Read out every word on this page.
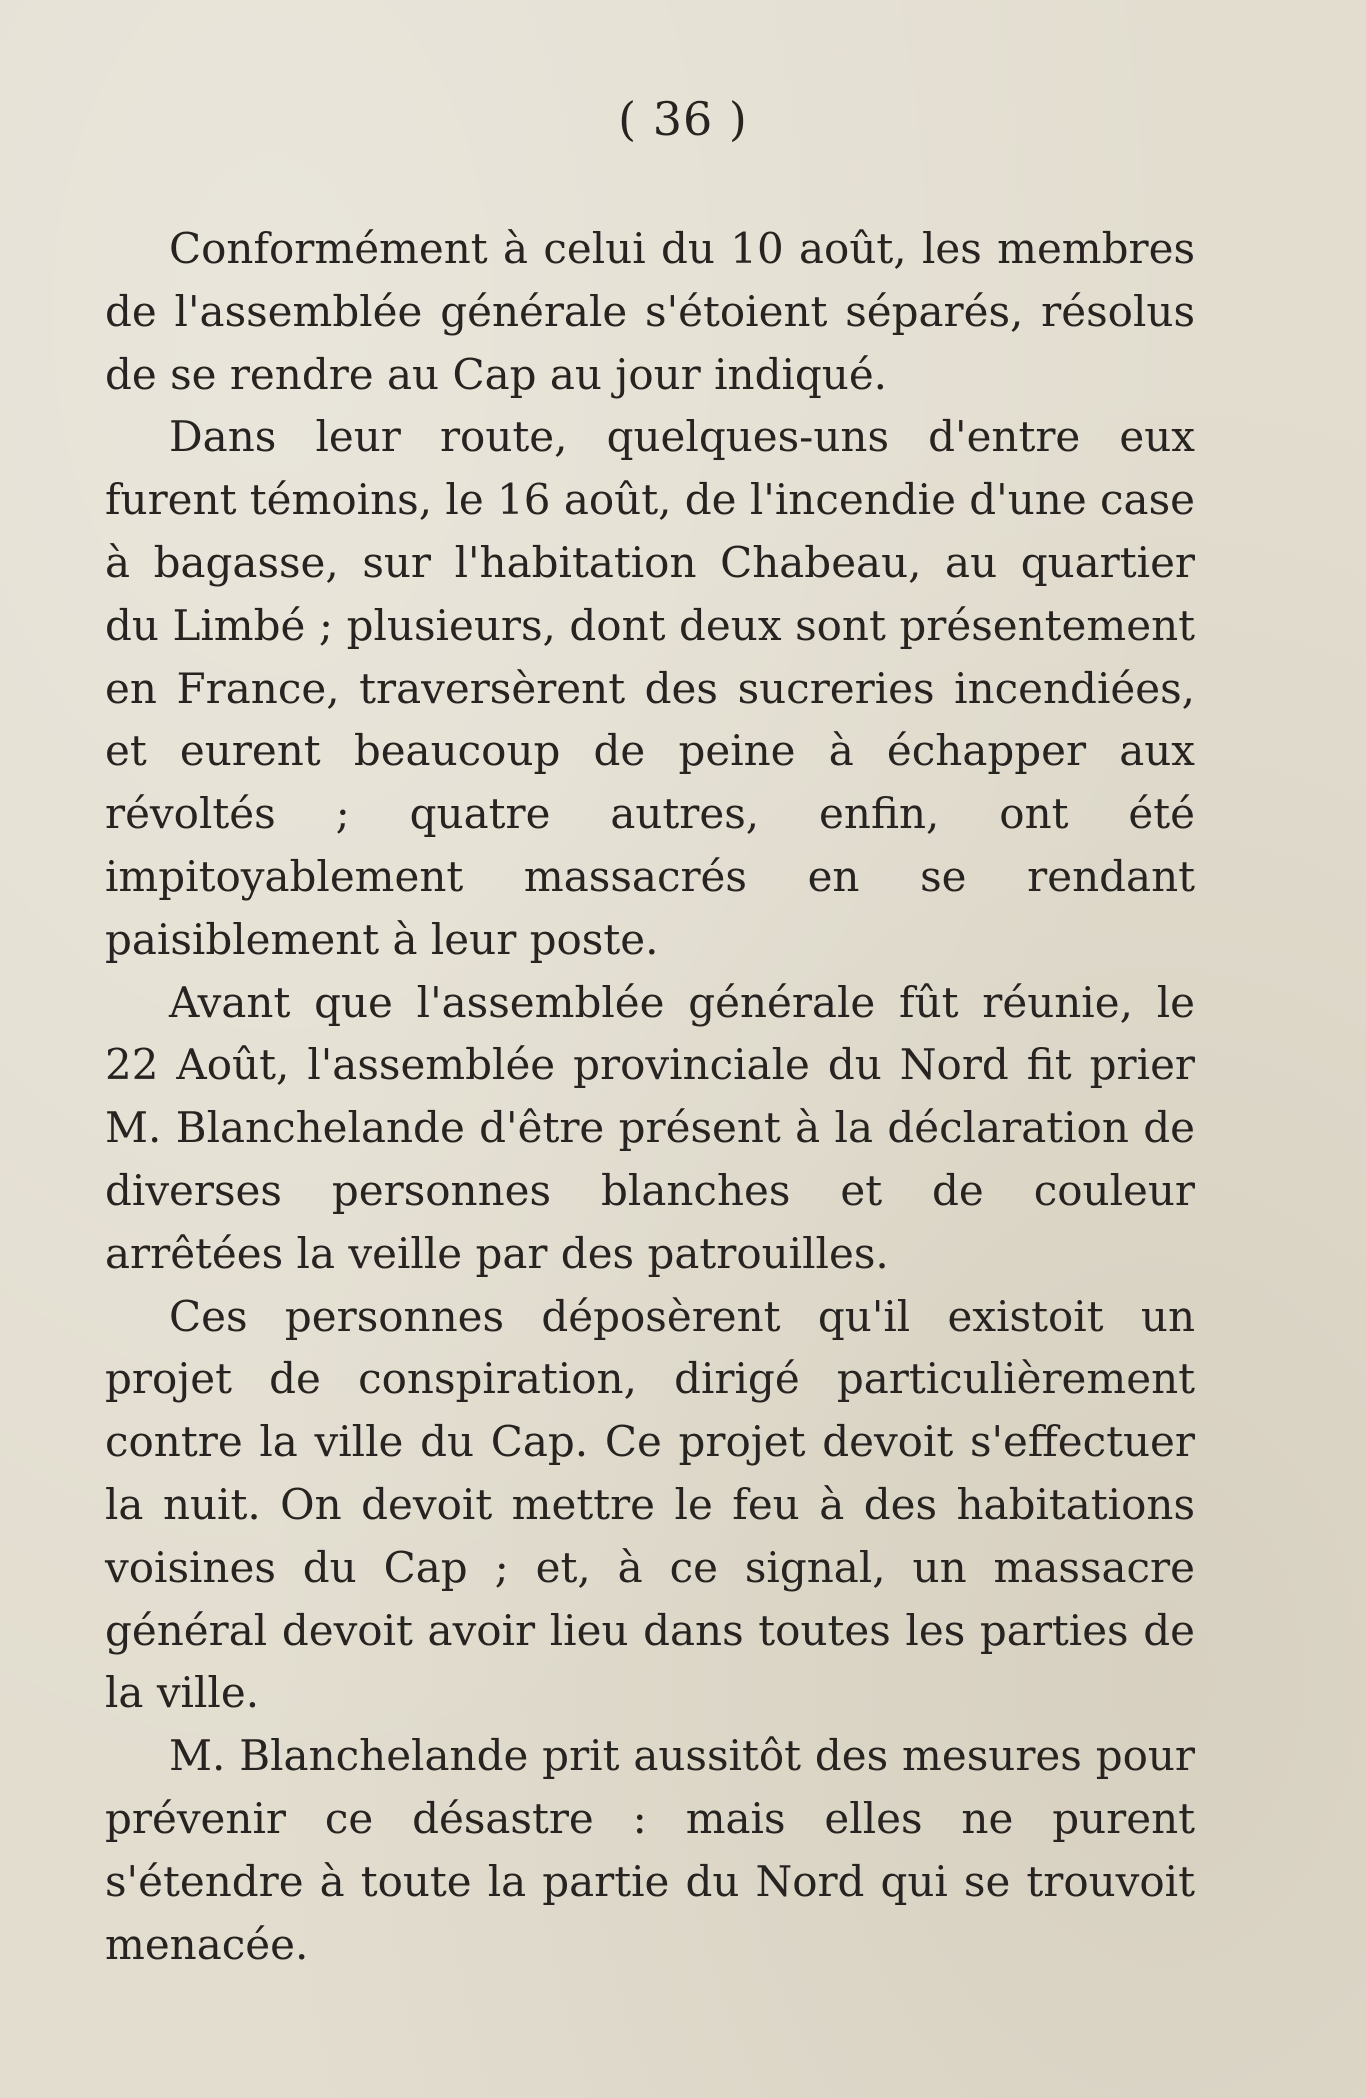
( 36 )

Conformément à celui du 10 août, les membres de l'assemblée générale s'étoient séparés, résolus de se rendre au Cap au jour indiqué.

Dans leur route, quelques-uns d'entre eux furent témoins, le 16 août, de l'incendie d'une case à bagasse, sur l'habitation Chabeau, au quartier du Limbé ; plusieurs, dont deux sont présentement en France, traversèrent des sucreries incendiées, et eurent beaucoup de peine à échapper aux révoltés ; quatre autres, enfin, ont été impitoyablement massacrés en se rendant paisiblement à leur poste.

Avant que l'assemblée générale fût réunie, le 22 Août, l'assemblée provinciale du Nord fit prier M. Blanchelande d'être présent à la déclaration de diverses personnes blanches et de couleur arrêtées la veille par des patrouilles.

Ces personnes déposèrent qu'il existoit un projet de conspiration, dirigé particulièrement contre la ville du Cap. Ce projet devoit s'effectuer la nuit. On devoit mettre le feu à des habitations voisines du Cap ; et, à ce signal, un massacre général devoit avoir lieu dans toutes les parties de la ville.

M. Blanchelande prit aussitôt des mesures pour prévenir ce désastre : mais elles ne purent s'étendre à toute la partie du Nord qui se trouvoit menacée.
